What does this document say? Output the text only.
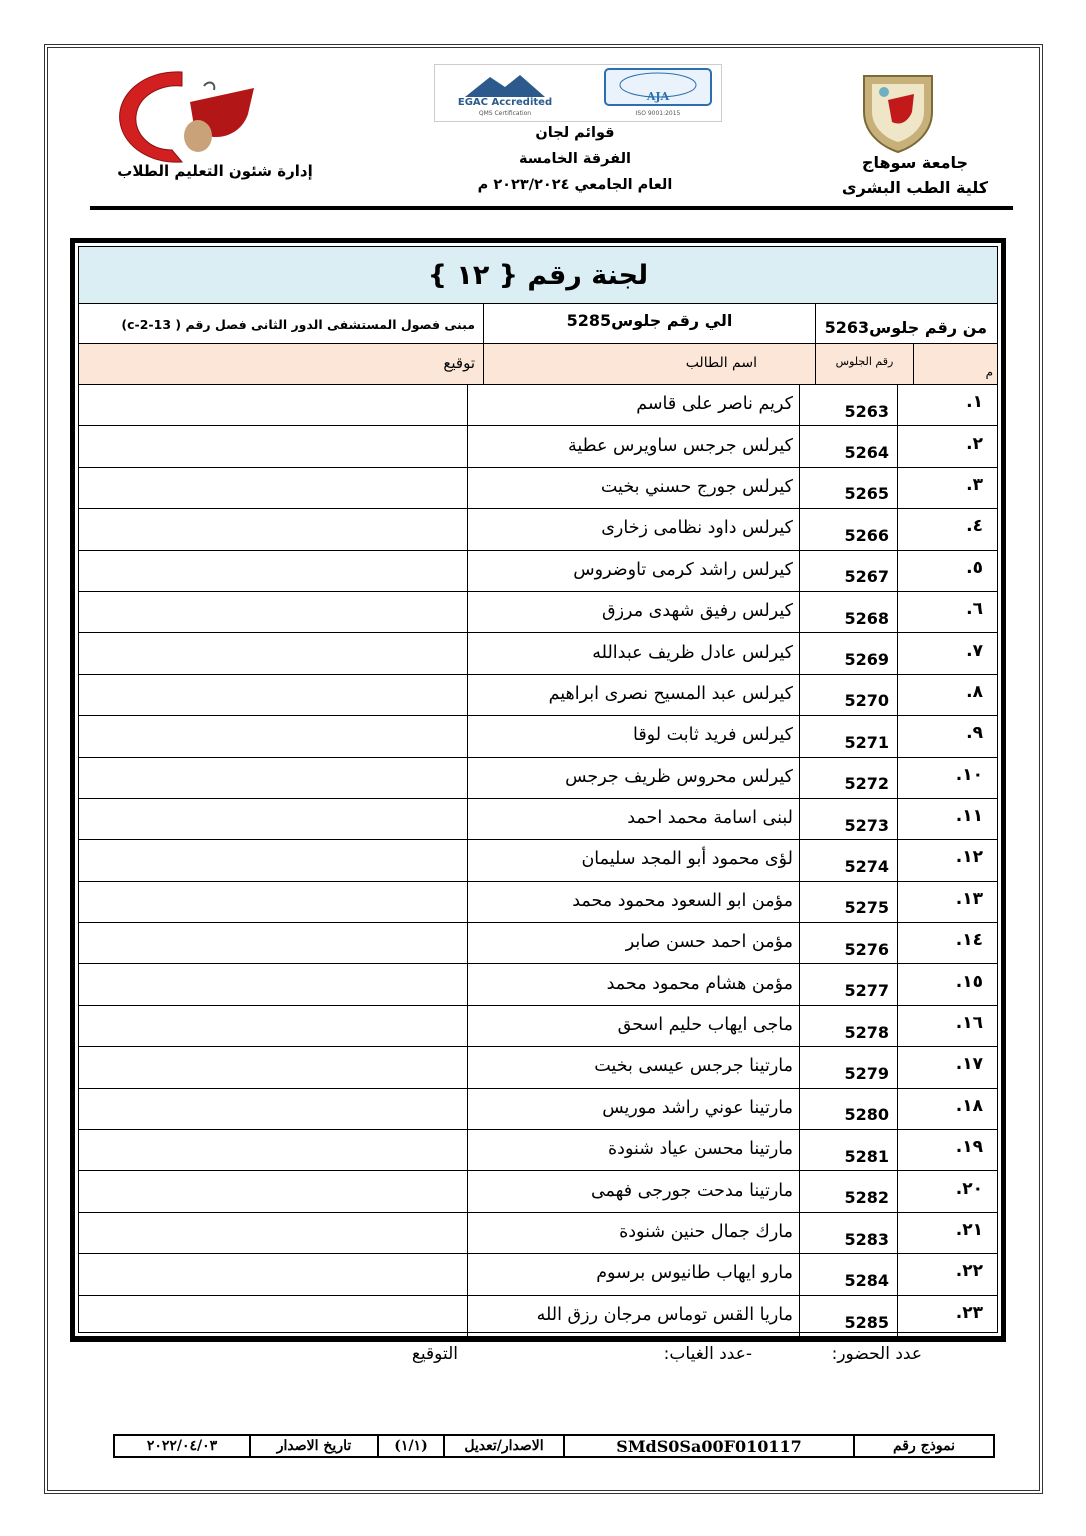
إدارة شئون التعليم الطلاب
EGAC Accredited
QMS Certification
AJA
ISO 9001:2015
قوائم لجان
الفرقة الخامسة
العام الجامعي ٢٠٢٣/٢٠٢٤ م
جامعة سوهاج
كلية الطب البشرى
لجنة رقم { ١٢ }
من رقم جلوس5263
الي رقم جلوس5285
مبنى فصول المستشفى الدور الثانى فصل رقم ( 13-2-c)
م
رقم الجلوس
اسم الطالب
توقيع
١.
5263
كريم ناصر على قاسم
٢.
5264
كيرلس جرجس ساويرس عطية
٣.
5265
كيرلس جورج حسني بخيت
٤.
5266
كيرلس داود نظامى زخارى
٥.
5267
كيرلس راشد كرمى تاوضروس
٦.
5268
كيرلس رفيق شهدى مرزق
٧.
5269
كيرلس عادل ظريف عبدالله
٨.
5270
كيرلس عبد المسيح نصرى ابراهيم
٩.
5271
كيرلس فريد ثابت لوقا
١٠.
5272
كيرلس محروس ظريف جرجس
١١.
5273
لبنى اسامة محمد احمد
١٢.
5274
لؤى محمود أبو المجد سليمان
١٣.
5275
مؤمن ابو السعود محمود محمد
١٤.
5276
مؤمن احمد حسن صابر
١٥.
5277
مؤمن هشام محمود محمد
١٦.
5278
ماجى ايهاب حليم اسحق
١٧.
5279
مارتينا جرجس عيسى بخيت
١٨.
5280
مارتينا عوني راشد موريس
١٩.
5281
مارتينا محسن عياد شنودة
٢٠.
5282
مارتينا مدحت جورجى فهمى
٢١.
5283
مارك جمال حنين شنودة
٢٢.
5284
مارو ايهاب طانيوس برسوم
٢٣.
5285
ماريا القس توماس مرجان رزق الله
عدد الحضور:
-عدد الغياب:
التوقيع
نموذج رقم
SMdS0Sa00F010117
الاصدار/تعديل
(١/١)
تاريخ الاصدار
٢٠٢٢/٠٤/٠٣
